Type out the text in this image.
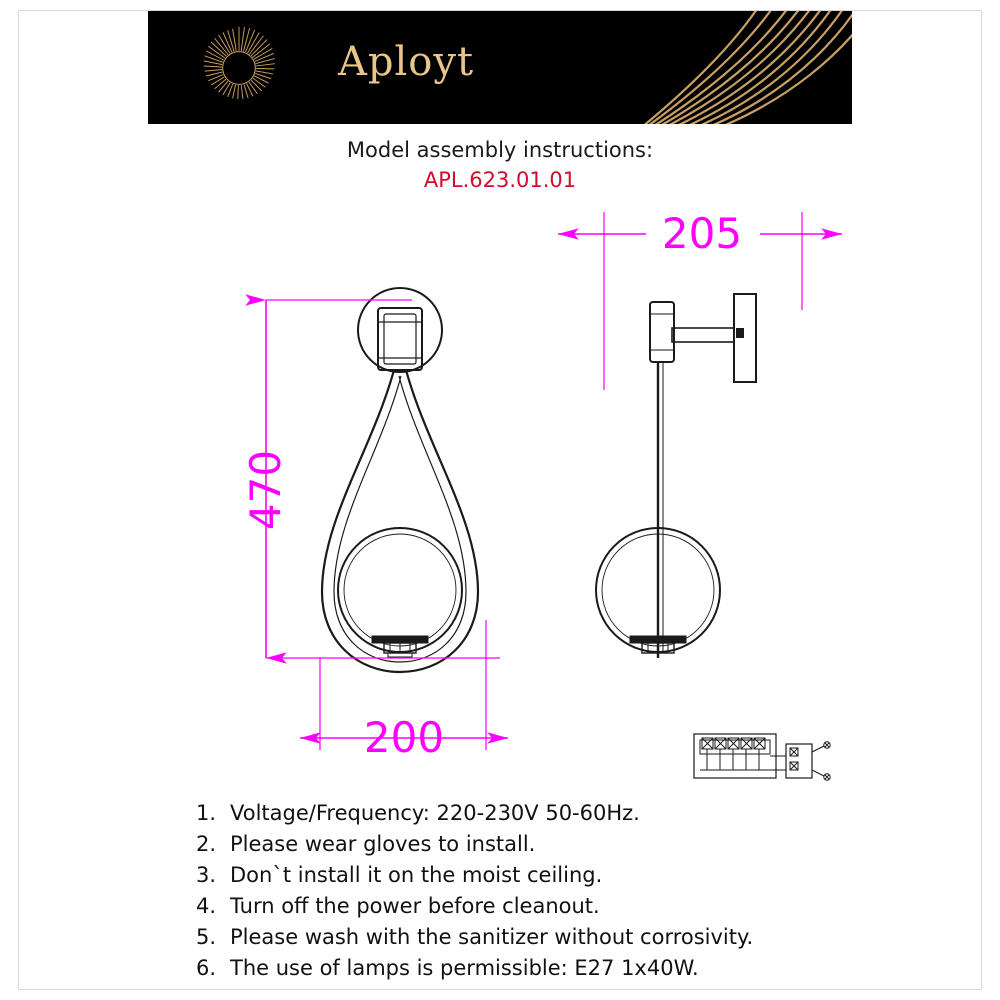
Aployt
Model assembly instructions:
APL.623.01.01
470
200
205
1. Voltage/Frequency: 220-230V 50-60Hz.
2. Please wear gloves to install.
3. Don`t install it on the moist ceiling.
4. Turn off the power before cleanout.
5. Please wash with the sanitizer without corrosivity.
6. The use of lamps is permissible: E27 1x40W.
